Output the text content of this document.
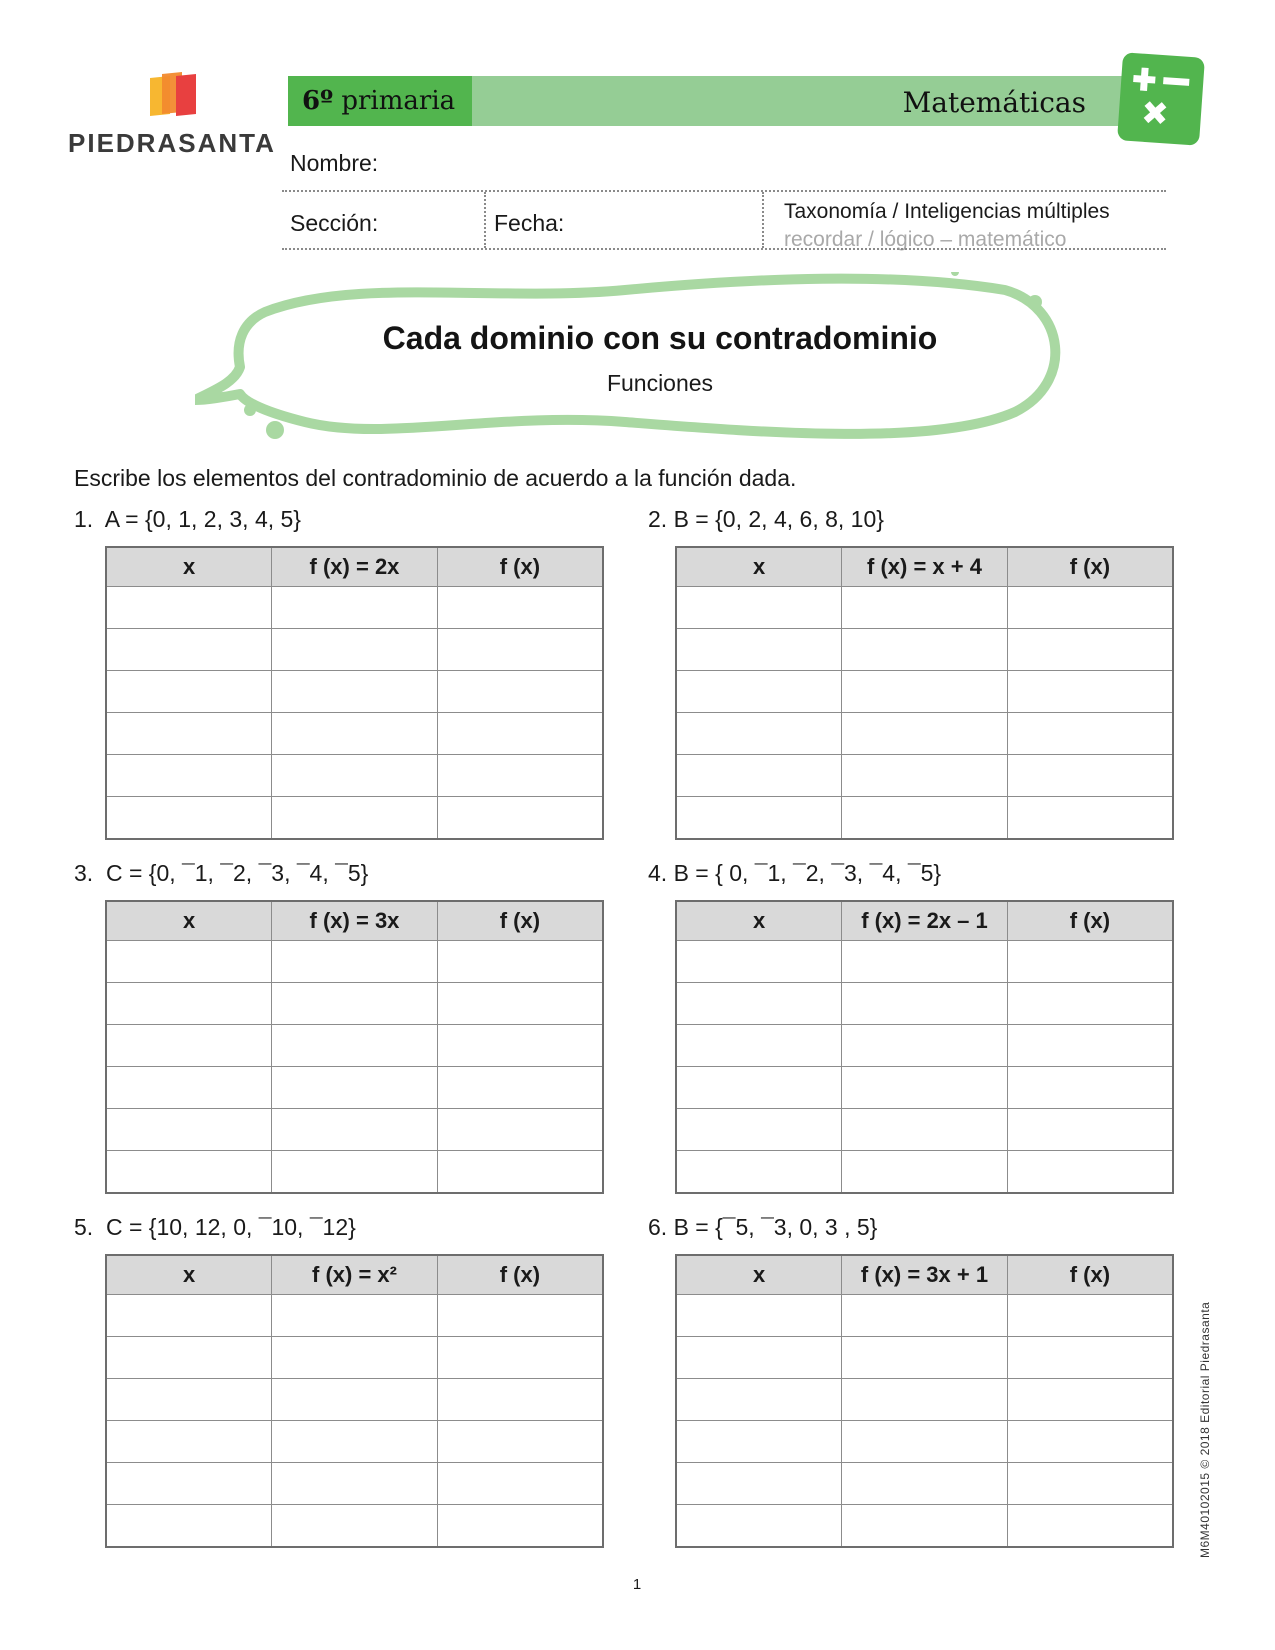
PIEDRASANTA
6º primaria	Matemáticas
Nombre:
Sección:	Fecha:	Taxonomía / Inteligencias múltiples
recordar / lógico – matemático
Cada dominio con su contradominio
Funciones
Escribe los elementos del contradominio de acuerdo a la función dada.
1.  A = {0, 1, 2, 3, 4, 5}
x	f (x) = 2x	f (x)

2. B = {0, 2, 4, 6, 8, 10}
x	f (x) = x + 4	f (x)

3.  C = {0, ¯1, ¯2, ¯3, ¯4, ¯5}
x	f (x) = 3x	f (x)

4. B = { 0, ¯1, ¯2, ¯3, ¯4, ¯5}
x	f (x) = 2x – 1	f (x)

5.  C = {10, 12, 0, ¯10, ¯12}
x	f (x) = x²	f (x)

6. B = {¯5, ¯3, 0, 3 , 5}
x	f (x) = 3x + 1	f (x)

1
M6M40102015 © 2018 Editorial Piedrasanta
